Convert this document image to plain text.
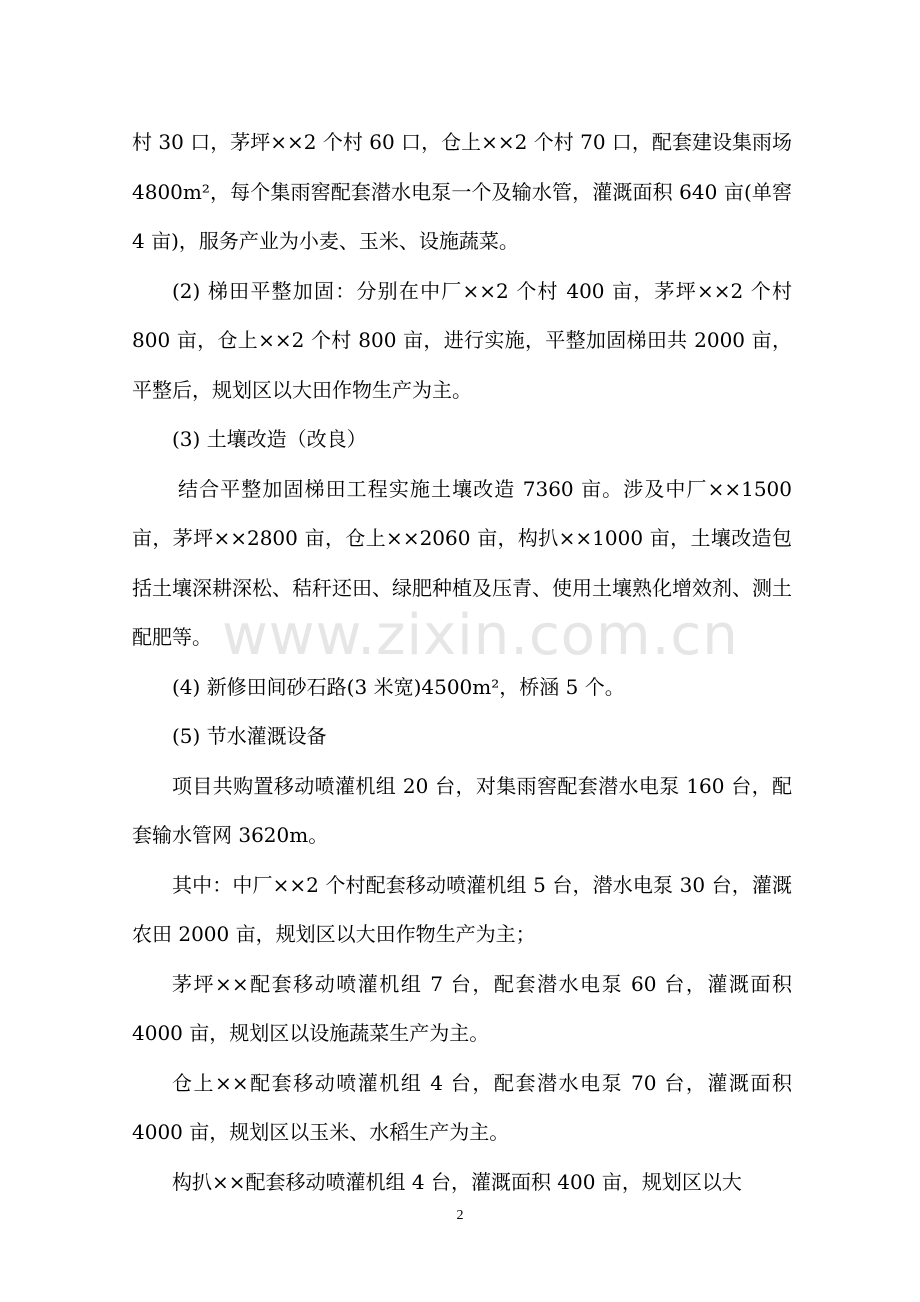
村 30 口，茅坪××2 个村 60 口，仓上××2 个村 70 口，配套建设集雨场 4800m²，每个集雨窖配套潜水电泵一个及输水管，灌溉面积 640 亩(单窖 4 亩)，服务产业为小麦、玉米、设施蔬菜。

(2) 梯田平整加固：分别在中厂××2 个村 400 亩，茅坪××2 个村 800 亩，仓上××2 个村 800 亩，进行实施，平整加固梯田共 2000 亩，平整后，规划区以大田作物生产为主。

(3) 土壤改造（改良）

结合平整加固梯田工程实施土壤改造 7360 亩。涉及中厂××1500 亩，茅坪××2800 亩，仓上××2060 亩，构扒××1000 亩，土壤改造包括土壤深耕深松、秸秆还田、绿肥种植及压青、使用土壤熟化增效剂、测土配肥等。

(4) 新修田间砂石路(3 米宽)4500m²，桥涵 5 个。

(5) 节水灌溉设备

项目共购置移动喷灌机组 20 台，对集雨窖配套潜水电泵 160 台，配套输水管网 3620m。

其中：中厂××2 个村配套移动喷灌机组 5 台，潜水电泵 30 台，灌溉农田 2000 亩，规划区以大田作物生产为主；

茅坪××配套移动喷灌机组 7 台，配套潜水电泵 60 台，灌溉面积 4000 亩，规划区以设施蔬菜生产为主。

仓上××配套移动喷灌机组 4 台，配套潜水电泵 70 台，灌溉面积 4000 亩，规划区以玉米、水稻生产为主。

构扒××配套移动喷灌机组 4 台，灌溉面积 400 亩，规划区以大

www.zixin.com.cn
2
